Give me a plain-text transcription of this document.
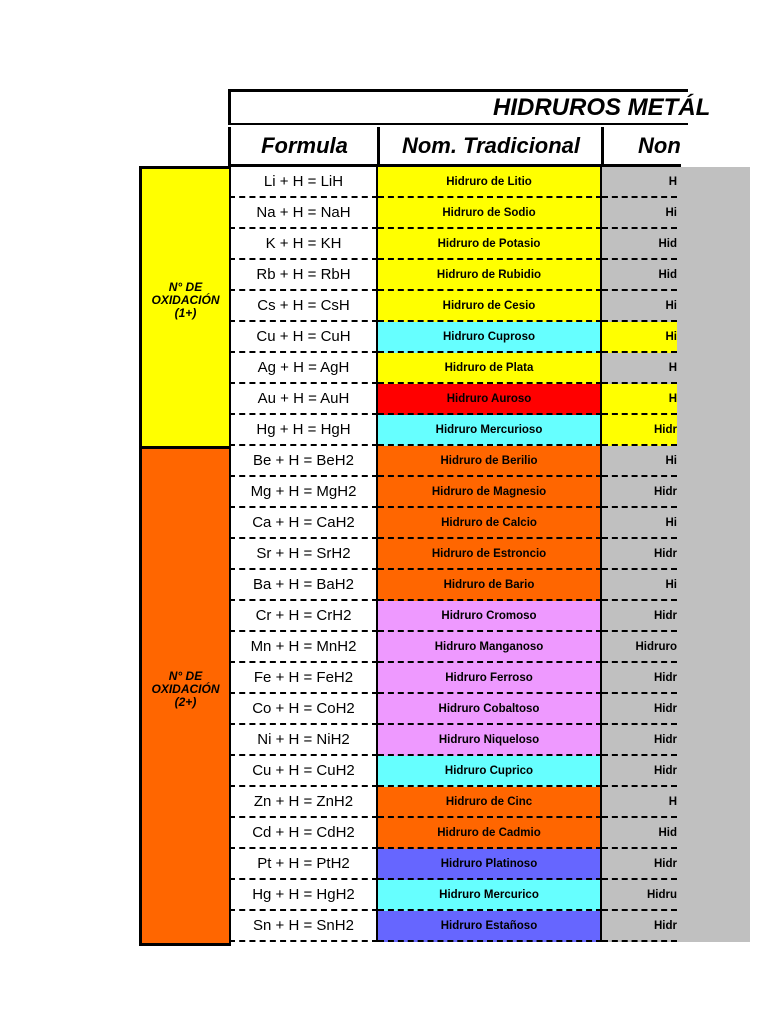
HIDRUROS METÁL
Formula	Nom. Tradicional	Non
N° DE
OXIDACIÓN
(1+)
N° DE
OXIDACIÓN
(2+)
Li + H = LiH	Hidruro de Litio	H
Na + H = NaH	Hidruro de Sodio	Hi
K + H = KH	Hidruro de Potasio	Hid
Rb + H = RbH	Hidruro de Rubidio	Hid
Cs + H = CsH	Hidruro de Cesio	Hi
Cu + H = CuH	Hidruro Cuproso	Hi
Ag + H = AgH	Hidruro de Plata	H
Au + H = AuH	Hidruro Auroso	H
Hg + H = HgH	Hidruro Mercurioso	Hidr
Be + H = BeH2	Hidruro de Berilio	Hi
Mg + H = MgH2	Hidruro de Magnesio	Hidr
Ca + H = CaH2	Hidruro de Calcio	Hi
Sr + H = SrH2	Hidruro de Estroncio	Hidr
Ba + H = BaH2	Hidruro de Bario	Hi
Cr + H = CrH2	Hidruro Cromoso	Hidr
Mn + H = MnH2	Hidruro Manganoso	Hidruro
Fe + H = FeH2	Hidruro Ferroso	Hidr
Co + H = CoH2	Hidruro Cobaltoso	Hidr
Ni + H = NiH2	Hidruro Niqueloso	Hidr
Cu + H = CuH2	Hidruro Cuprico	Hidr
Zn + H = ZnH2	Hidruro de Cinc	H
Cd + H = CdH2	Hidruro de Cadmio	Hid
Pt + H = PtH2	Hidruro Platinoso	Hidr
Hg + H = HgH2	Hidruro Mercurico	Hidru
Sn + H = SnH2	Hidruro Estañoso	Hidr
